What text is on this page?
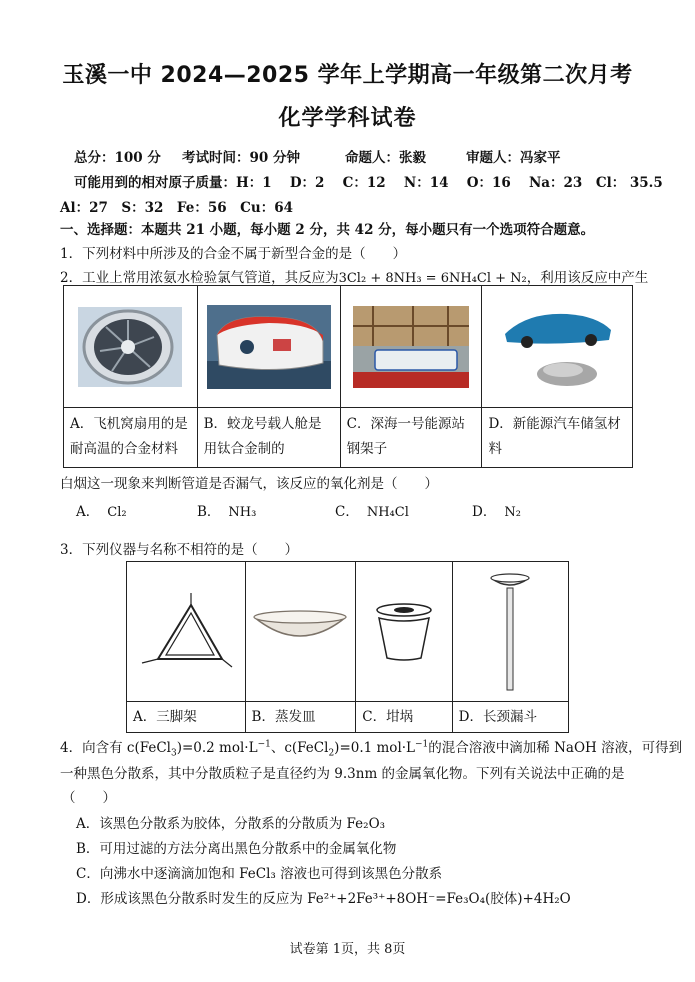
玉溪一中 2024—2025 学年上学期高一年级第二次月考
化学学科试卷
总分：100 分 考试时间：90 分钟	命题人：张毅	审题人：冯家平
可能用到的相对原子质量：H：1　 D：2　 C：12　 N：14　 O：16　 Na：23　Cl： 35.5
Al：27　S：32　Fe：56　Cu：64
一、选择题：本题共 21 小题，每小题 2 分，共 42 分，每小题只有一个选项符合题意。
1．下列材料中所涉及的合金不属于新型合金的是（　　）
2．工业上常用浓氨水检验氯气管道，其反应为3Cl₂ + 8NH₃ = 6NH₄Cl + N₂，利用该反应中产生

A．飞机窝扇用的是耐高温的合金材料	B．蛟龙号载人舱是用钛合金制的	C．深海一号能源站钢架子	D．新能源汽车储氢材料
白烟这一现象来判断管道是否漏气，该反应的氧化剂是（　　）
A． Cl₂	B． NH₃	C． NH₄Cl	D． N₂
3．下列仪器与名称不相符的是（　　）

A．三脚架	B．蒸发皿	C．坩埚	D．长颈漏斗
4．向含有 c(FeCl$_3$)=0.2 $mol\cdot L^{-1}$、c(FeCl$_2$)=0.1 $mol\cdot L^{-1}$的混合溶液中滴加稀 NaOH 溶液，可得到
一种黑色分散系，其中分散质粒子是直径约为 9.3nm 的金属氧化物。下列有关说法中正确的是
（　　）
A．该黑色分散系为胶体，分散系的分散质为 Fe₂O₃
B．可用过滤的方法分离出黑色分散系中的金属氧化物
C．向沸水中逐滴滴加饱和 FeCl₃ 溶液也可得到该黑色分散系
D．形成该黑色分散系时发生的反应为 Fe²⁺+2Fe³⁺+8OH⁻=Fe₃O₄(胶体)+4H₂O
试卷第 1页，共 8页
